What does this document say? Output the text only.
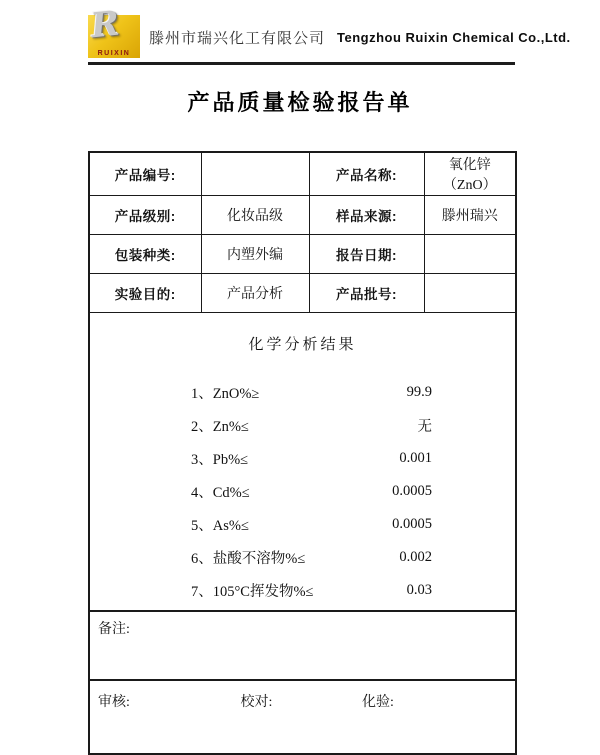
R
RUIXIN
滕州市瑞兴化工有限公司 Tengzhou Ruixin Chemical Co.,Ltd.
产品质量检验报告单
产品编号:		产品名称:	氧化锌（ZnO）
产品级别:	化妆品级	样品来源:	滕州瑞兴
包装种类:	内塑外编	报告日期:	
实验目的:	产品分析	产品批号:	

化学分析结果
1、ZnO%≥	99.9
2、Zn%≤	无
3、Pb%≤	0.001
4、Cd%≤	0.0005
5、As%≤	0.0005
6、盐酸不溶物%≤	0.002
7、105°C挥发物%≤	0.03

备注:			
审核: 校对: 化验:			
